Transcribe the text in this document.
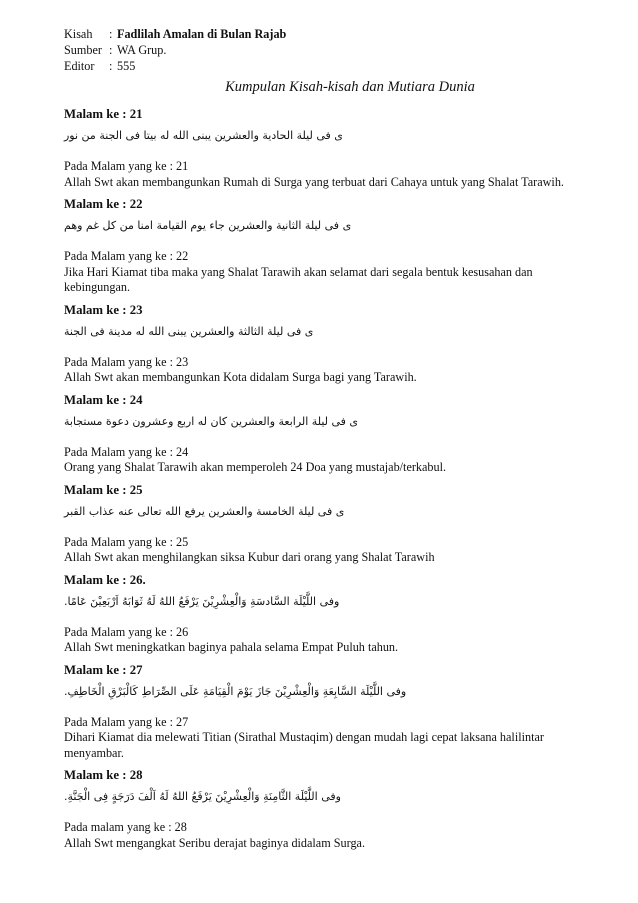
Kisah	: Fadlilah Amalan di Bulan Rajab
Sumber : WA Grup.
Editor	: 555
Kumpulan Kisah-kisah dan Mutiara Dunia
Malam ke : 21
ى فى ليلة الحادية والعشرين يبنى الله له بيتا فى الجنة من نور
Pada Malam yang ke : 21
Allah Swt akan membangunkan Rumah di Surga yang terbuat dari Cahaya untuk yang Shalat Tarawih.
Malam ke : 22
ى فى ليلة الثانية والعشرين جاء يوم القيامة امنا من كل غم وهم
Pada Malam yang ke : 22
Jika Hari Kiamat tiba maka yang Shalat Tarawih akan selamat dari segala bentuk kesusahan dan kebingungan.
Malam ke : 23
ى فى ليلة الثالثة والعشرين يبنى الله له مدينة فى الجنة
Pada Malam yang ke : 23
Allah Swt akan membangunkan Kota didalam Surga bagi yang Tarawih.
Malam ke : 24
ى فى ليلة الرابعة والعشرين كان له اربع وعشرون دعوة مستجابة
Pada Malam yang ke : 24
Orang yang Shalat Tarawih akan memperoleh 24 Doa yang mustajab/terkabul.
Malam ke : 25
ى فى ليلة الخامسة والعشرين يرفع الله تعالى عنه عذاب القبر
Pada Malam yang ke : 25
Allah Swt akan menghilangkan siksa Kubur dari orang yang Shalat Tarawih
Malam ke : 26.
وفى اللَّيْلَة السَّادسَةِ وَالْعِشْرِيْنَ يَرْفَعُ اللهُ لَهُ ثَوَابَهُ اَرْبَعِيْنَ عَامًا.
Pada Malam yang ke : 26
Allah Swt meningkatkan baginya pahala selama Empat Puluh tahun.
Malam ke : 27
وفى اللَّيْلَة السَّابِعَةِ وَالْعِشْرِيْنَ جَازَ يَوْمَ الْقِيَامَةِ عَلَى الصِّرَاطِ كَالْبَرْقِ الْخَاطِفِ.
Pada Malam yang ke : 27
Dihari Kiamat dia melewati Titian (Sirathal Mustaqim) dengan mudah lagi cepat laksana halilintar menyambar.
Malam ke : 28
وفى اللَّيْلَة الثَّامِنَةِ وَالْعِشْرِيْنَ يَرْفَعُ اللهُ لَهُ اَلْفَ دَرَجَةٍ فِى الْجَنَّةِ.
Pada malam yang ke : 28
Allah Swt mengangkat Seribu derajat baginya didalam Surga.
